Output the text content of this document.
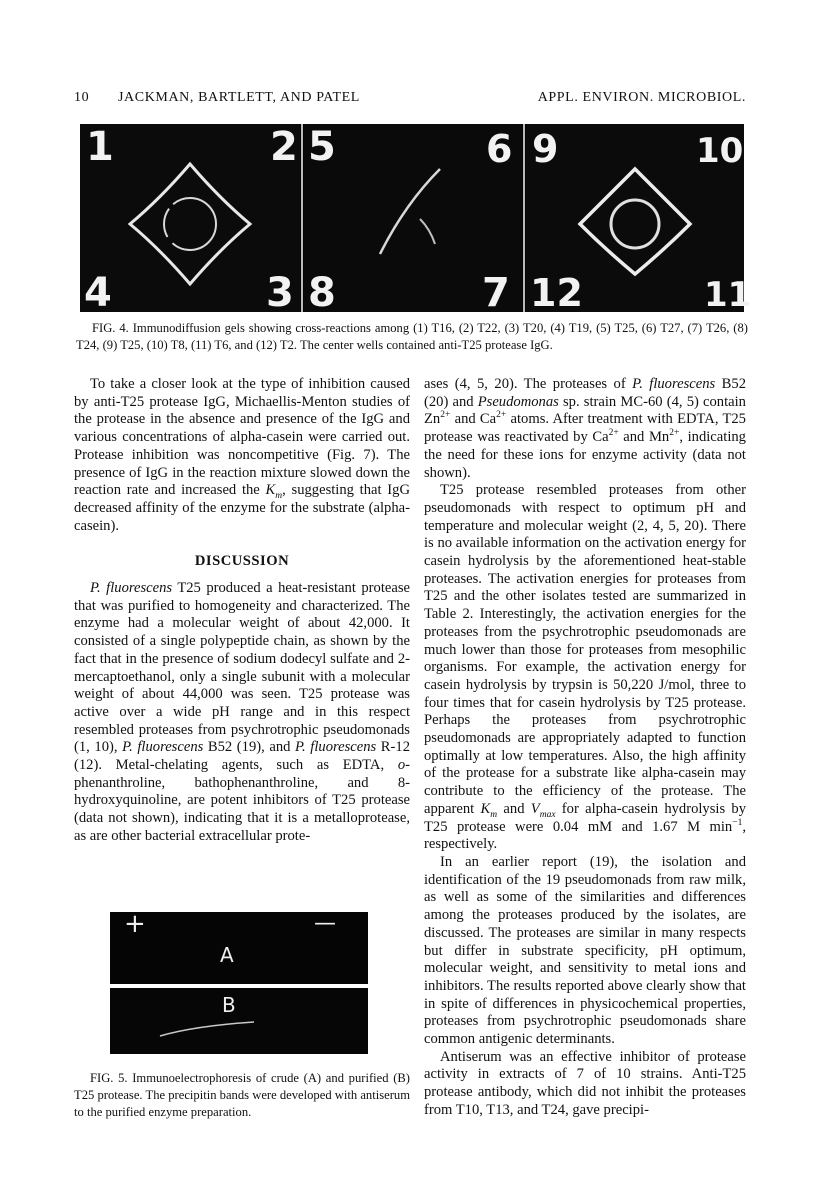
10 JACKMAN, BARTLETT, AND PATEL	APPL. ENVIRON. MICROBIOL.
1	2
4	3
5	6
8	7
9	10
12	11

FIG. 4. Immunodiffusion gels showing cross-reactions among (1) T16, (2) T22, (3) T20, (4) T19, (5) T25, (6) T27, (7) T26, (8) T24, (9) T25, (10) T8, (11) T6, and (12) T2. The center wells contained anti-T25 protease IgG.

To take a closer look at the type of inhibition caused by anti-T25 protease IgG, Michaellis-Menton studies of the protease in the absence and presence of the IgG and various concentrations of alpha-casein were carried out. Protease inhibition was noncompetitive (Fig. 7). The presence of IgG in the reaction mixture slowed down the reaction rate and increased the $K_m$, suggesting that IgG decreased affinity of the enzyme for the substrate (alpha-casein).

DISCUSSION

P. fluorescens T25 produced a heat-resistant protease that was purified to homogeneity and characterized. The enzyme had a molecular weight of about 42,000. It consisted of a single polypeptide chain, as shown by the fact that in the presence of sodium dodecyl sulfate and 2-mercaptoethanol, only a single subunit with a molecular weight of about 44,000 was seen. T25 protease was active over a wide pH range and in this respect resembled proteases from psychrotrophic pseudomonads (1, 10), P. fluorescens B52 (19), and P. fluorescens R-12 (12). Metal-chelating agents, such as EDTA, o-phenanthroline, bathophenanthroline, and 8-hydroxyquinoline, are potent inhibitors of T25 protease (data not shown), indicating that it is a metalloprotease, as are other bacterial extracellular prote-

+	—
A
B

FIG. 5. Immunoelectrophoresis of crude (A) and purified (B) T25 protease. The precipitin bands were developed with antiserum to the purified enzyme preparation.

ases (4, 5, 20). The proteases of P. fluorescens B52 (20) and Pseudomonas sp. strain MC-60 (4, 5) contain $Zn^{2+}$ and $Ca^{2+}$ atoms. After treatment with EDTA, T25 protease was reactivated by $Ca^{2+}$ and $Mn^{2+}$, indicating the need for these ions for enzyme activity (data not shown).

T25 protease resembled proteases from other pseudomonads with respect to optimum pH and temperature and molecular weight (2, 4, 5, 20). There is no available information on the activation energy for casein hydrolysis by the aforementioned heat-stable proteases. The activation energies for proteases from T25 and the other isolates tested are summarized in Table 2. Interestingly, the activation energies for the proteases from the psychrotrophic pseudomonads are much lower than those for proteases from mesophilic organisms. For example, the activation energy for casein hydrolysis by trypsin is 50,220 J/mol, three to four times that for casein hydrolysis by T25 protease. Perhaps the proteases from psychrotrophic pseudomonads are appropriately adapted to function optimally at low temperatures. Also, the high affinity of the protease for a substrate like alpha-casein may contribute to the efficiency of the protease. The apparent $K_m$ and $V_{max}$ for alpha-casein hydrolysis by T25 protease were 0.04 mM and 1.67 M $\min^{-1}$, respectively.

In an earlier report (19), the isolation and identification of the 19 pseudomonads from raw milk, as well as some of the similarities and differences among the proteases produced by the isolates, are discussed. The proteases are similar in many respects but differ in substrate specificity, pH optimum, molecular weight, and sensitivity to metal ions and inhibitors. The results reported above clearly show that in spite of differences in physicochemical properties, proteases from psychrotrophic pseudomonads share common antigenic determinants.

Antiserum was an effective inhibitor of protease activity in extracts of 7 of 10 strains. Anti-T25 protease antibody, which did not inhibit the proteases from T10, T13, and T24, gave precipi-
